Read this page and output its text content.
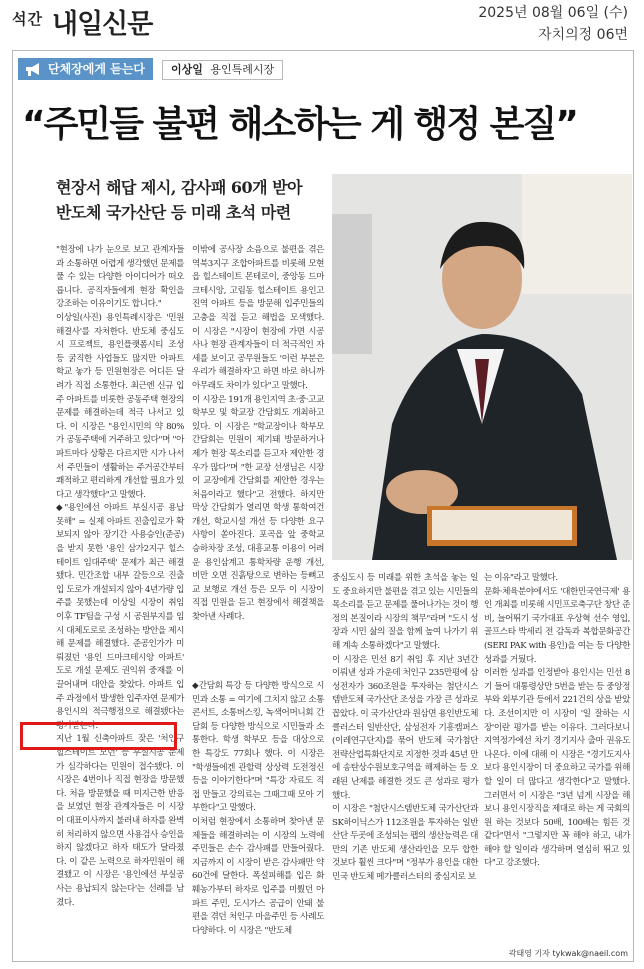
석간 내일신문	2025년 08월 06일 (수)
자치의정 06면
단체장에게 듣는다	이상일 용인특례시장
“주민들 불편 해소하는 게 행정 본질”
현장서 해답 제시, 감사패 60개 받아
반도체 국가산단 등 미래 초석 마련

"현장에 나가 눈으로 보고 관계자들과 소통하면 어렵게 생각했던 문제를 풀 수 있는 다양한 아이디어가 떠오릅니다. 공직자들에게 현장 확인을 강조하는 이유이기도 합니다."

이상일(사진) 용인특례시장은 '민원 해결사'를 자처한다. 반도체 중심도시 프로젝트, 용인플랫폼시티 조성 등 굵직한 사업들도 많지만 아파트 학교 놓가 등 민원현장은 어디든 달려가 직접 소통한다. 최근엔 신규 입주 아파트를 비롯한 공동주택 현장의 문제를 해결하는데 적극 나서고 있다. 이 시장은 "용인시민의 약 80%가 공동주택에 거주하고 있다"며 "아파트마다 상황은 다르지만 시가 나서서 주민들이 생활하는 주거공간부터 쾌적하고 편리하게 개선할 필요가 있다고 생각했다"고 말했다.

◆"용인에선 아파트 부실시공 용납 못해" = 실제 아파트 진출입로가 확보되지 않아 장기간 사용승인(준공)을 받지 못한 '용인 삼가2지구 힐스테이트 임대주택' 문제가 최근 해결됐다. 민간조합 내부 갈등으로 진출입 도로가 개설되지 않아 4년가량 입주를 못했는데 이상일 시장이 취임 이후 TF팀을 구성 시 공원부지를 임시 대체도로로 조성하는 방안을 제시해 문제를 해결했다. 준공인가가 미뤄졌던 '용인 드마크테시앙 아파트' 도로 개설 문제도 권익위 중재를 이끌어내며 대안을 찾았다. 아파트 입주 과정에서 발생한 입주자연 문제가 용인시의 적극행정으로 해결됐다는 평가받는다.

지난 1월 신축아파트 잦은 '처인구 힐스테이트 모던' 등 부실시공 문제가 심각하다는 민원이 접수됐다. 이 시장은 4번이나 직접 현장을 방문했다. 처음 방문했을 때 미지근한 반응을 보였던 현장 관계자들은 이 시장이 대표이사까지 불러내 하자를 완벽히 처리하지 않으면 사용검사 승인을 하지 않겠다고 하자 태도가 달라졌다. 이 같은 노력으로 하자민원이 해결됐고 이 시장은 '용인에선 부실공사는 용납되지 않는다'는 선례를 남겼다.

이밖에 공사장 소음으로 불편을 겪은 역북3지구 조합아파트를 비롯해 모현읍 힐스테이트 몬테로이, 중앙동 드마크테시앙, 고림동 힐스테이트 용인고진역 아파트 등을 방문해 입주민들의 고충을 직접 듣고 해법을 모색했다. 이 시장은 "시장이 현장에 가면 시공사나 현장 관계자들이 더 적극적인 자세를 보이고 공무원들도 '이런 부분은 우리가 해결하자'고 하면 바로 하니까 아무래도 차이가 있다"고 말했다.

이 시장은 191개 용인지역 초·중·고교 학부모 및 학교장 간담회도 개최하고 있다. 이 시장은 "학교장이나 학부모 간담회는 민원이 제기돼 방문하거나 제가 현장 목소리를 듣고자 제안한 경우가 많다"며 "한 교장 선생님은 시장이 교장에게 간담회를 제안한 경우는 처음이라고 했다"고 전했다. 하지만 막상 간담회가 열리면 학생 통학여건 개선, 학교시설 개선 등 다양한 요구사항이 쏟아진다. 포곡읍 앞 중학교 승하차장 조성, 대흥교통 이용이 어려운 용인삼계고 통학차량 운행 개선, 비만 오면 진흙탕으로 변하는 등뼈고교 보행로 개선 등은 모두 이 시장이 직접 민원을 듣고 현장에서 해결책을 찾아낸 사례다.

◆간담회 특강 등 다양한 방식으로 시민과 소통 = 여기에 그치지 않고 소통콘서트, 소통버스킹, 녹색어머니회 간담회 등 다양한 방식으로 시민들과 소통한다. 학생 학부모 등을 대상으로 한 특강도 77회나 했다. 이 시장은 "학생들에겐 관할력 상상력 도전정신 등을 이야기한다"며 "특강 자료도 직접 만들고 강의료는 그때그때 모아 기부한다"고 말했다.

이처럼 현장에서 소통하며 찾아낸 문제들을 해결하려는 이 시장의 노력에 주민들은 손수 감사패를 만들어줬다. 지금까지 이 시장이 받은 감사패만 약 60건에 달한다. 폭설피해를 입은 화훼농가부터 하자로 입주를 미뤘던 아파트 주민, 도시가스 공급이 안돼 불편을 겪던 처인구 마을주민 등 사례도 다양하다. 이 시장은 "반도체

중심도시 등 미래를 위한 초석을 놓는 일도 중요하지만 불편을 겪고 있는 시민들의 목소리를 듣고 문제를 풀어나가는 것이 행정의 본질이라 시장의 책무"라며 "도시 성장과 시민 삶의 질을 함께 높여 나가기 위해 계속 소통하겠다"고 말했다.

이 시장은 민선 8기 취임 후 지난 3년간 이뤄낸 성과 가운데 처인구 235만평에 삼성전자가 360조원을 투자하는 첨단시스템반도체 국가산단 조성을 가장 큰 성과로 꼽았다. 이 국가산단과 원삼면 용인반도체클러스터 일반산단, 삼성전자 기흥캠퍼스(이레연구단지)를 묶어 반도체 국가첨단전략산업특화단지로 지정한 것과 45년 만에 송탄상수원보호구역을 해제하는 등 오래된 난제를 해결한 것도 큰 성과로 평가했다.

이 시장은 "첨단시스템반도체 국가산단과 SK하이닉스가 112조원을 투자하는 일반산단 두곳에 조성되는 팹의 생산능력은 대만의 기존 반도체 생산라인을 모두 합한 것보다 훨씬 크다"며 "정부가 용인을 대한민국 반도체 메가클러스터의 중심지로 보

는 이유"라고 말했다.

문화·체육분야에서도 '대한민국연극제' 용인 개최를 비롯해 시민프로축구단 창단 준비, 늘어뛰기 국가대표 우상혁 선수 영입, 골프스타 박세리 전 감독과 복합문화공간(SERI PAK with 용인)을 여는 등 다양한 성과를 거뒀다.

이러한 성과를 인정받아 용인시는 민선 8기 들어 대통령상만 5번을 받는 등 중앙정부와 외부기관 등에서 221건의 상을 받았다. 조선이지만 이 시장이 '일 잘하는 시장'이란 평가를 받는 이유다. 그러다보니 지역정가에선 차기 경기지사 출마 권유도 나온다. 이에 대해 이 시장은 "경기도지사보다 용인시장이 더 중요하고 국가를 위해 할 일이 더 많다고 생각한다"고 말했다. 그러면서 이 시장은 "3년 넘게 시장을 해보니 용인시장직을 제대로 하는 게 국회의원 하는 것보다 50배, 100배는 힘든 것 같다"면서 "그렇지만 꼭 해야 하고, 내가 해야 할 일이라 생각하며 열심히 뛰고 있다"고 강조했다.

곽태영 기자 tykwak@naeil.com
